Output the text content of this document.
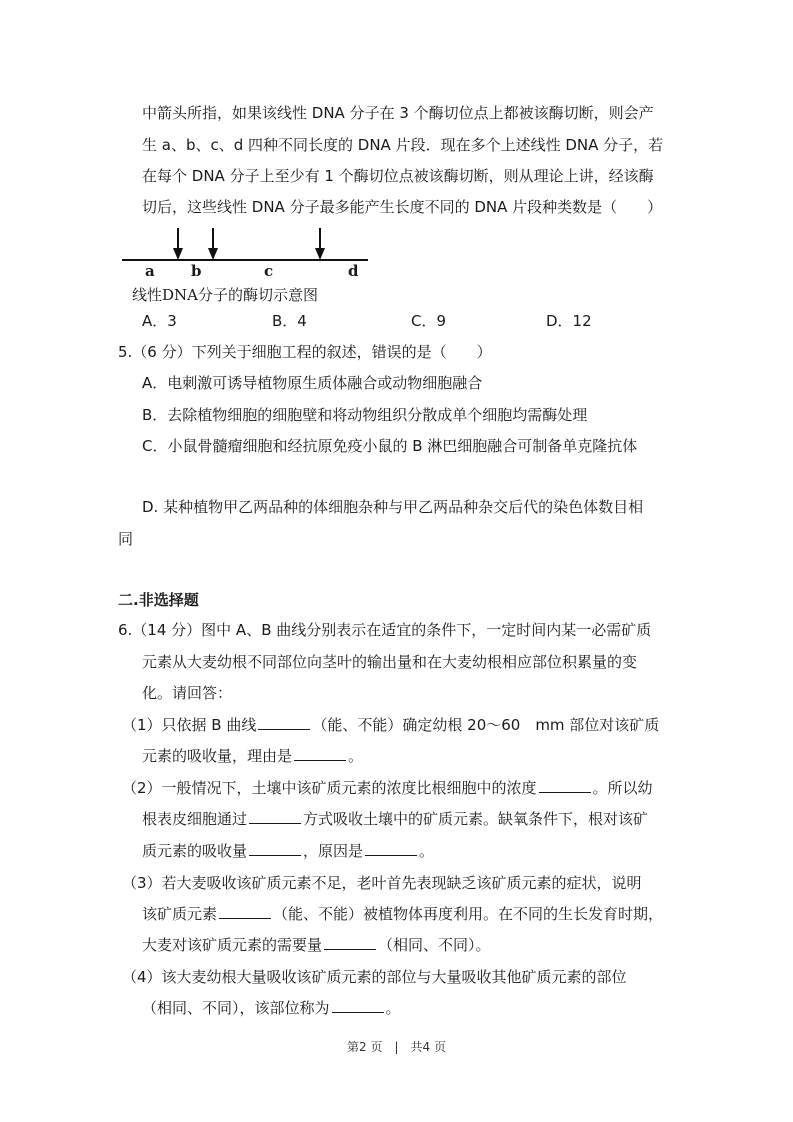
中箭头所指，如果该线性 DNA 分子在 3 个酶切位点上都被该酶切断，则会产
生 a、b、c、d 四种不同长度的 DNA 片段．现在多个上述线性 DNA 分子，若
在每个 DNA 分子上至少有 1 个酶切位点被该酶切断，则从理论上讲，经该酶
切后，这些线性 DNA 分子最多能产生长度不同的 DNA 片段种类数是（　　）
a b	c	d
线性DNA分子的酶切示意图
A．3	B．4	C．9	D．12
5.（6 分）下列关于细胞工程的叙述，错误的是（　　）
A．电刺激可诱导植物原生质体融合或动物细胞融合
B．去除植物细胞的细胞壁和将动物组织分散成单个细胞均需酶处理
C．小鼠骨髓瘤细胞和经抗原免疫小鼠的 B 淋巴细胞融合可制备单克隆抗体
D. 某种植物甲乙两品种的体细胞杂种与甲乙两品种杂交后代的染色体数目相
同
二.非选择题
6.（14 分）图中 A、B 曲线分别表示在适宜的条件下，一定时间内某一必需矿质
元素从大麦幼根不同部位向茎叶的输出量和在大麦幼根相应部位积累量的变
化。请回答：
（1）只依据 B 曲线	（能、不能）确定幼根 20～60　mm 部位对该矿质
元素的吸收量，理由是	。
（2）一般情况下，土壤中该矿质元素的浓度比根细胞中的浓度	。所以幼
根表皮细胞通过	方式吸收土壤中的矿质元素。缺氧条件下，根对该矿
质元素的吸收量	，原因是	。
（3）若大麦吸收该矿质元素不足，老叶首先表现缺乏该矿质元素的症状，说明
该矿质元素	（能、不能）被植物体再度利用。在不同的生长发育时期，
大麦对该矿质元素的需要量	（相同、不同）。
（4）该大麦幼根大量吸收该矿质元素的部位与大量吸收其他矿质元素的部位
（相同、不同），该部位称为	。
第2 页　|　共4 页
